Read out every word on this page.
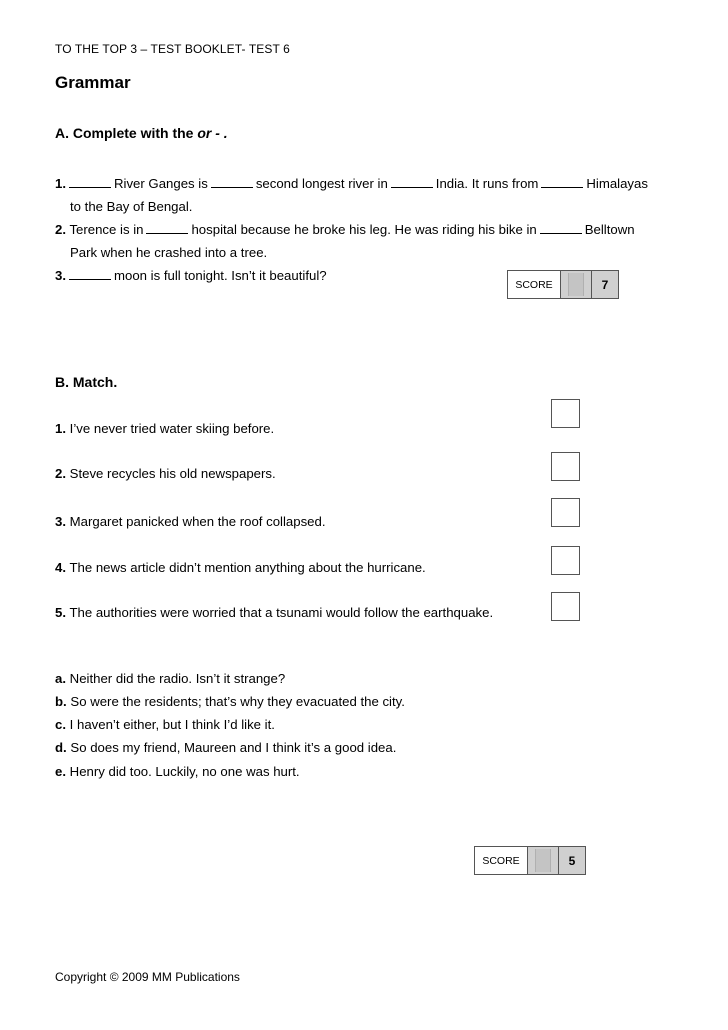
TO THE TOP 3 – TEST BOOKLET- TEST 6
Grammar
A. Complete with the or - .
1.	River Ganges is	second longest river in	India. It runs from	Himalayas
to the Bay of Bengal.
2. Terence is in	hospital because he broke his leg. He was riding his bike in	Belltown
Park when he crashed into a tree.
3.	moon is full tonight. Isn’t it beautiful?
SCORE	7
B. Match.
1. I’ve never tried water skiing before.
2. Steve recycles his old newspapers.
3. Margaret panicked when the roof collapsed.
4. The news article didn’t mention anything about the hurricane.
5. The authorities were worried that a tsunami would follow the earthquake.
a. Neither did the radio. Isn’t it strange?
b. So were the residents; that’s why they evacuated the city.
c. I haven’t either, but I think I’d like it.
d. So does my friend, Maureen and I think it’s a good idea.
e. Henry did too. Luckily, no one was hurt.
SCORE	5
Copyright © 2009 MM Publications
